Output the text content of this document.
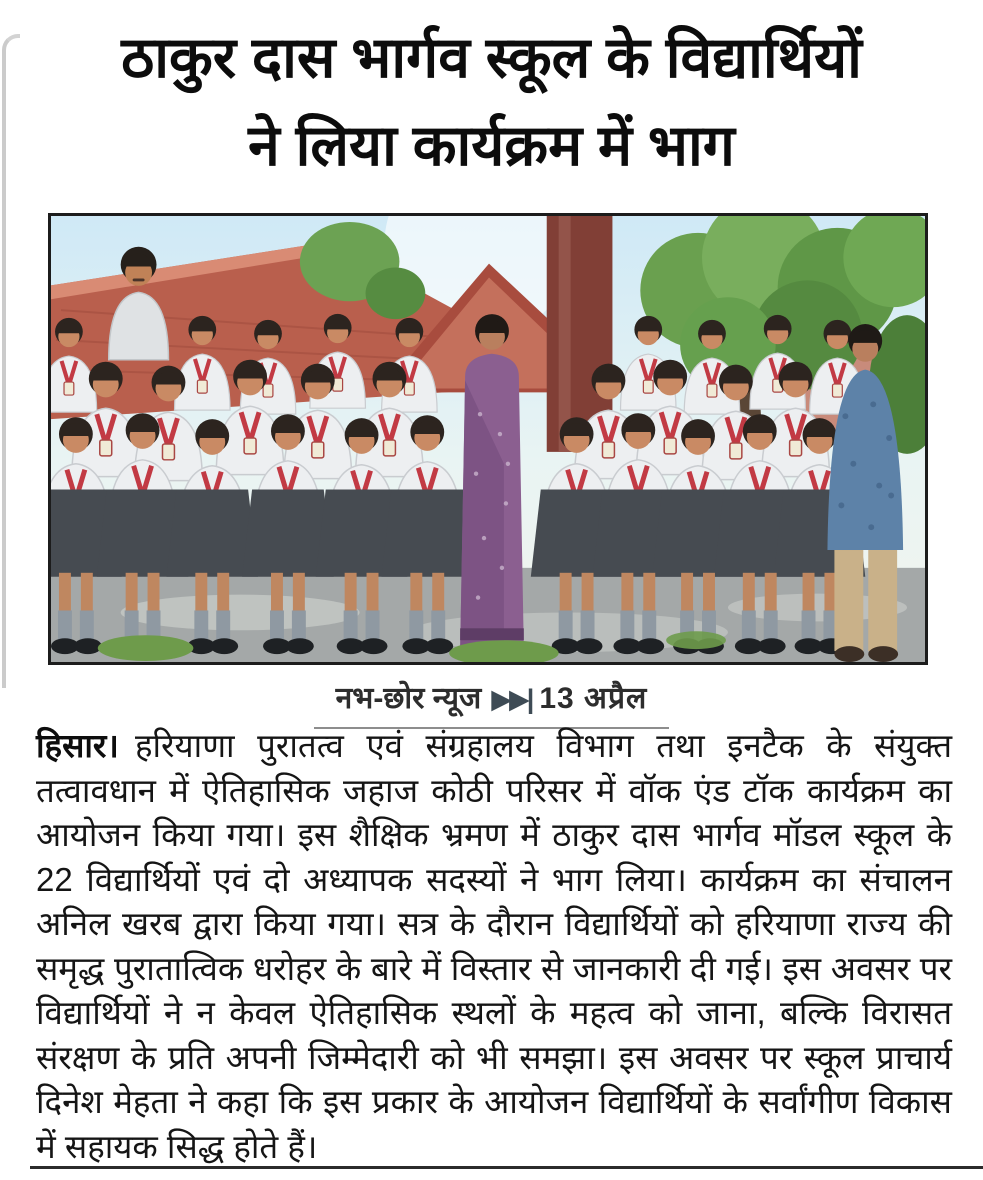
ठाकुर दास भार्गव स्कूल के विद्यार्थियों
ने लिया कार्यक्रम में भाग
नभ-छोर न्यूज ▶▶| 13 अप्रैल

हिसार। हरियाणा पुरातत्व एवं संग्रहालय विभाग तथा इनटैक के संयुक्त तत्वावधान में ऐतिहासिक जहाज कोठी परिसर में वॉक एंड टॉक कार्यक्रम का आयोजन किया गया। इस शैक्षिक भ्रमण में ठाकुर दास भार्गव मॉडल स्कूल के 22 विद्यार्थियों एवं दो अध्यापक सदस्यों ने भाग लिया। कार्यक्रम का संचालन अनिल खरब द्वारा किया गया। सत्र के दौरान विद्यार्थियों को हरियाणा राज्य की समृद्ध पुरातात्विक धरोहर के बारे में विस्तार से जानकारी दी गई। इस अवसर पर विद्यार्थियों ने न केवल ऐतिहासिक स्थलों के महत्व को जाना, बल्कि विरासत संरक्षण के प्रति अपनी जिम्मेदारी को भी समझा। इस अवसर पर स्कूल प्राचार्य दिनेश मेहता ने कहा कि इस प्रकार के आयोजन विद्यार्थियों के सर्वांगीण विकास में सहायक सिद्ध होते हैं।
